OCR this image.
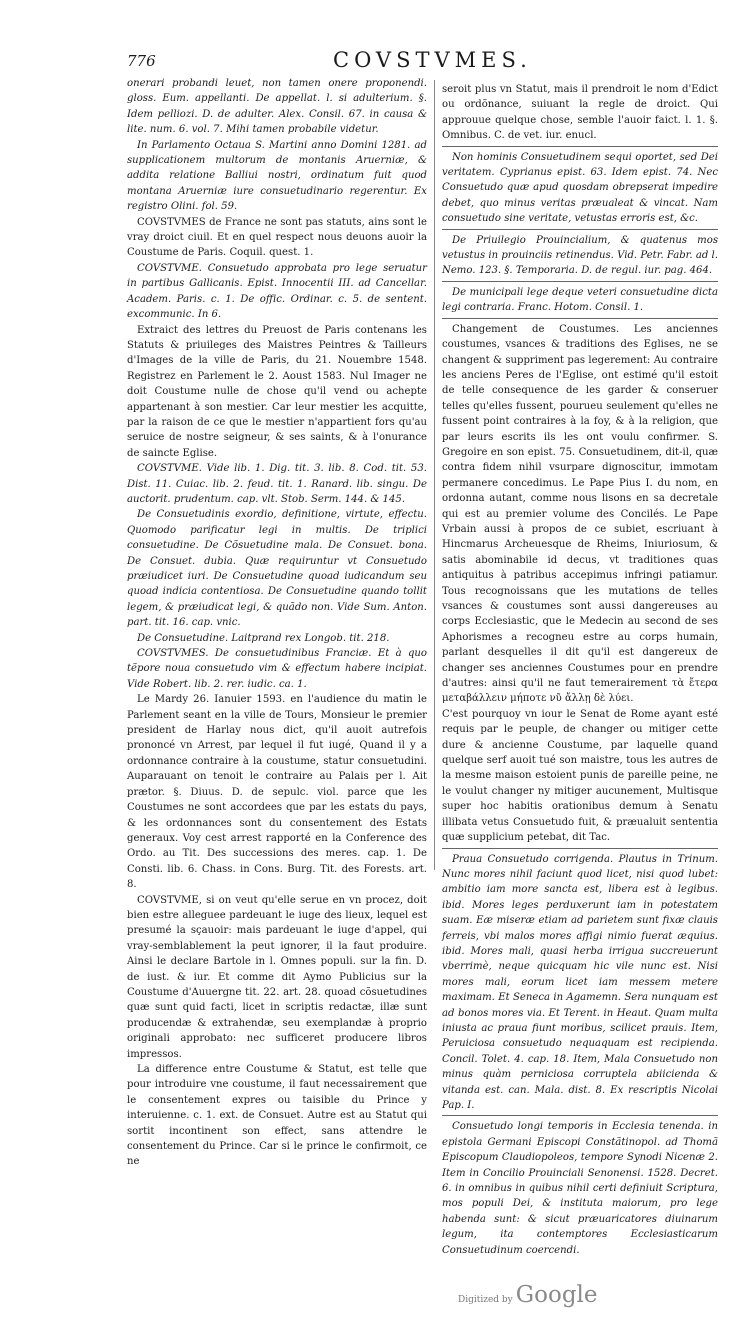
776	COVSTVMES.

onerari probandi leuet, non tamen onere proponendi. gloss. Eum. appellanti. De appellat. l. si adulterium. §. Idem pelliozi. D. de adulter. Alex. Consil. 67. in causa & lite. num. 6. vol. 7. Mihi tamen probabile videtur.

In Parlamento Octaua S. Martini anno Domini 1281. ad supplicationem multorum de montanis Aruerniæ, & addita relatione Balliui nostri, ordinatum fuit quod montana Aruerniæ iure consuetudinario regerentur. Ex registro Olini. fol. 59.

COVSTVMES de France ne sont pas statuts, ains sont le vray droict ciuil. Et en quel respect nous deuons auoir la Coustume de Paris. Coquil. quest. 1.

COVSTVME. Consuetudo approbata pro lege seruatur in partibus Gallicanis. Epist. Innocentii III. ad Cancellar. Academ. Paris. c. 1. De offic. Ordinar. c. 5. de sentent. excommunic. In 6.

Extraict des lettres du Preuost de Paris contenans les Statuts & priuileges des Maistres Peintres & Tailleurs d'Images de la ville de Paris, du 21. Nouembre 1548. Registrez en Parlement le 2. Aoust 1583. Nul Imager ne doit Coustume nulle de chose qu'il vend ou achepte appartenant à son mestier. Car leur mestier les acquitte, par la raison de ce que le mestier n'appartient fors qu'au seruice de nostre seigneur, & ses saints, & à l'onurance de saincte Eglise.

COVSTVME. Vide lib. 1. Dig. tit. 3. lib. 8. Cod. tit. 53. Dist. 11. Cuiac. lib. 2. feud. tit. 1. Ranard. lib. singu. De auctorit. prudentum. cap. vlt. Stob. Serm. 144. & 145.

De Consuetudinis exordio, definitione, virtute, effectu. Quomodo parificatur legi in multis. De triplici consuetudine. De Cõsuetudine mala. De Consuet. bona. De Consuet. dubia. Quæ requiruntur vt Consuetudo præiudicet iuri. De Consuetudine quoad iudicandum seu quoad indicia contentiosa. De Consuetudine quando tollit legem, & præiudicat legi, & quãdo non. Vide Sum. Anton. part. tit. 16. cap. vnic.

De Consuetudine. Laitprand rex Longob. tit. 218.

COVSTVMES. De consuetudinibus Franciæ. Et à quo tẽpore noua consuetudo vim & effectum habere incipiat. Vide Robert. lib. 2. rer. iudic. ca. 1.

Le Mardy 26. Ianuier 1593. en l'audience du matin le Parlement seant en la ville de Tours, Monsieur le premier president de Harlay nous dict, qu'il auoit autrefois prononcé vn Arrest, par lequel il fut iugé, Quand il y a ordonnance contraire à la coustume, statur consuetudini. Auparauant on tenoit le contraire au Palais per l. Ait prætor. §. Diuus. D. de sepulc. viol. parce que les Coustumes ne sont accordees que par les estats du pays, & les ordonnances sont du consentement des Estats generaux. Voy cest arrest rapporté en la Conference des Ordo. au Tit. Des successions des meres. cap. 1. De Consti. lib. 6. Chass. in Cons. Burg. Tit. des Forests. art. 8.

COVSTVME, si on veut qu'elle serue en vn procez, doit bien estre alleguee pardeuant le iuge des lieux, lequel est presumé la sçauoir: mais pardeuant le iuge d'appel, qui vray-semblablement la peut ignorer, il la faut produire. Ainsi le declare Bartole in l. Omnes populi. sur la fin. D. de iust. & iur. Et comme dit Aymo Publicius sur la Coustume d'Auuergne tit. 22. art. 28. quoad cõsuetudines quæ sunt quid facti, licet in scriptis redactæ, illæ sunt producendæ & extrahendæ, seu exemplandæ à proprio originali approbato: nec sufficeret producere libros impressos.

La difference entre Coustume & Statut, est telle que pour introduire vne coustume, il faut necessairement que le consentement expres ou taisible du Prince y interuienne. c. 1. ext. de Consuet. Autre est au Statut qui sortit incontinent son effect, sans attendre le consentement du Prince. Car si le prince le confirmoit, ce ne

seroit plus vn Statut, mais il prendroit le nom d'Edict ou ordõnance, suiuant la regle de droict. Qui approuue quelque chose, semble l'auoir faict. l. 1. §. Omnibus. C. de vet. iur. enucl.

Non hominis Consuetudinem sequi oportet, sed Dei veritatem. Cyprianus epist. 63. Idem epist. 74. Nec Consuetudo quæ apud quosdam obrepserat impedire debet, quo minus veritas præualeat & vincat. Nam consuetudo sine veritate, vetustas erroris est, &c.

De Priuilegio Prouincialium, & quatenus mos vetustus in prouinciis retinendus. Vid. Petr. Fabr. ad l. Nemo. 123. §. Temporaria. D. de regul. iur. pag. 464.

De municipali lege deque veteri consuetudine dicta legi contraria. Franc. Hotom. Consil. 1.

Changement de Coustumes. Les anciennes coustumes, vsances & traditions des Eglises, ne se changent & suppriment pas legerement: Au contraire les anciens Peres de l'Eglise, ont estimé qu'il estoit de telle consequence de les garder & conseruer telles qu'elles fussent, pourueu seulement qu'elles ne fussent point contraires à la foy, & à la religion, que par leurs escrits ils les ont voulu confirmer. S. Gregoire en son epist. 75. Consuetudinem, dit-il, quæ contra fidem nihil vsurpare dignoscitur, immotam permanere concedimus. Le Pape Pius I. du nom, en ordonna autant, comme nous lisons en sa decretale qui est au premier volume des Concilés. Le Pape Vrbain aussi à propos de ce subiet, escriuant à Hincmarus Archeuesque de Rheims, Iniuriosum, & satis abominabile id decus, vt traditiones quas antiquitus à patribus accepimus infringi patiamur. Tous recognoissans que les mutations de telles vsances & coustumes sont aussi dangereuses au corps Ecclesiastic, que le Medecin au second de ses Aphorismes a recogneu estre au corps humain, parlant desquelles il dit qu'il est dangereux de changer ses anciennes Coustumes pour en prendre d'autres: ainsi qu'il ne faut temerairement τὰ ἔτερα μεταβάλλειν μήποτε νῦ ἄλλῃ δὲ λύει.

C'est pourquoy vn iour le Senat de Rome ayant esté requis par le peuple, de changer ou mitiger cette dure & ancienne Coustume, par laquelle quand quelque serf auoit tué son maistre, tous les autres de la mesme maison estoient punis de pareille peine, ne le voulut changer ny mitiger aucunement, Multisque super hoc habitis orationibus demum à Senatu illibata vetus Consuetudo fuit, & præualuit sententia quæ supplicium petebat, dit Tac.

Praua Consuetudo corrigenda. Plautus in Trinum. Nunc mores nihil faciunt quod licet, nisi quod lubet: ambitio iam more sancta est, libera est à legibus. ibid. Mores leges perduxerunt iam in potestatem suam. Eæ miseræ etiam ad parietem sunt fixæ clauis ferreis, vbi malos mores affigi nimio fuerat æquius. ibid. Mores mali, quasi herba irrigua succreuerunt vberrimè, neque quicquam hic vile nunc est. Nisi mores mali, eorum licet iam messem metere maximam. Et Seneca in Agamemn. Sera nunquam est ad bonos mores via. Et Terent. in Heaut. Quam multa iniusta ac praua fiunt moribus, scilicet prauis. Item, Peruiciosa consuetudo nequaquam est recipienda. Concil. Tolet. 4. cap. 18. Item, Mala Consuetudo non minus quàm perniciosa corruptela abiicienda & vitanda est. can. Mala. dist. 8. Ex rescriptis Nicolai Pap. I.

Consuetudo longi temporis in Ecclesia tenenda. in epistola Germani Episcopi Constãtinopol. ad Thomã Episcopum Claudiopoleos, tempore Synodi Nicenæ 2. Item in Concilio Prouinciali Senonensi. 1528. Decret. 6. in omnibus in quibus nihil certi definiuit Scriptura, mos populi Dei, & instituta maiorum, pro lege habenda sunt: & sicut præuaricatores diuinarum legum, ita contemptores Ecclesiasticarum Consuetudinum coercendi.

Digitized by Google
